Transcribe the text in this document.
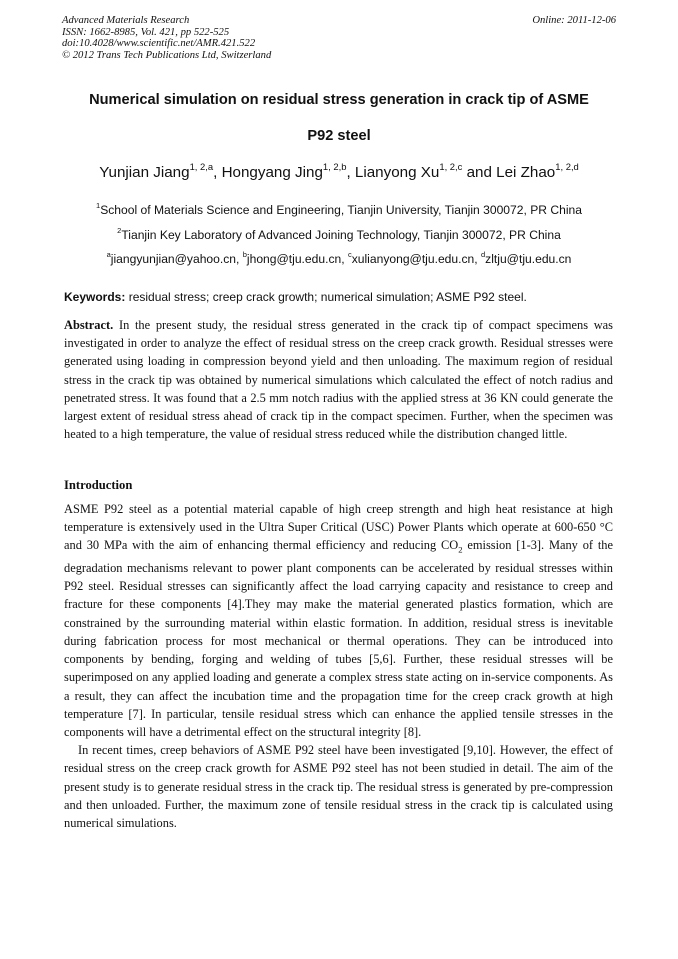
Advanced Materials Research
ISSN: 1662-8985, Vol. 421, pp 522-525
doi:10.4028/www.scientific.net/AMR.421.522
© 2012 Trans Tech Publications Ltd, Switzerland
Online: 2011-12-06
Numerical simulation on residual stress generation in crack tip of ASME
P92 steel
Yunjian Jiang$^{1, 2,a}$, Hongyang Jing$^{1, 2,b}$, Lianyong Xu$^{1, 2,c}$ and Lei Zhao$^{1, 2,d}$
$^1$School of Materials Science and Engineering, Tianjin University, Tianjin 300072, PR China
$^2$Tianjin Key Laboratory of Advanced Joining Technology, Tianjin 300072, PR China
$^a$jiangyunjian@yahoo.cn, $^b$jhong@tju.edu.cn, $^c$xulianyong@tju.edu.cn, $^d$zltju@tju.edu.cn
Keywords: residual stress; creep crack growth; numerical simulation; ASME P92 steel.
Abstract. In the present study, the residual stress generated in the crack tip of compact specimens was investigated in order to analyze the effect of residual stress on the creep crack growth. Residual stresses were generated using loading in compression beyond yield and then unloading. The maximum region of residual stress in the crack tip was obtained by numerical simulations which calculated the effect of notch radius and penetrated stress. It was found that a 2.5 mm notch radius with the applied stress at 36 KN could generate the largest extent of residual stress ahead of crack tip in the compact specimen. Further, when the specimen was heated to a high temperature, the value of residual stress reduced while the distribution changed little.
Introduction
ASME P92 steel as a potential material capable of high creep strength and high heat resistance at high temperature is extensively used in the Ultra Super Critical (USC) Power Plants which operate at 600-650 °C and 30 MPa with the aim of enhancing thermal efficiency and reducing $CO_2$ emission [1-3]. Many of the degradation mechanisms relevant to power plant components can be accelerated by residual stresses within P92 steel. Residual stresses can significantly affect the load carrying capacity and resistance to creep and fracture for these components [4].They may make the material generated plastics formation, which are constrained by the surrounding material within elastic formation. In addition, residual stress is inevitable during fabrication process for most mechanical or thermal operations. They can be introduced into components by bending, forging and welding of tubes [5,6]. Further, these residual stresses will be superimposed on any applied loading and generate a complex stress state acting on in-service components. As a result, they can affect the incubation time and the propagation time for the creep crack growth at high temperature [7]. In particular, tensile residual stress which can enhance the applied tensile stresses in the components will have a detrimental effect on the structural integrity [8].
In recent times, creep behaviors of ASME P92 steel have been investigated [9,10]. However, the effect of residual stress on the creep crack growth for ASME P92 steel has not been studied in detail. The aim of the present study is to generate residual stress in the crack tip. The residual stress is generated by pre-compression and then unloaded. Further, the maximum zone of tensile residual stress in the crack tip is calculated using numerical simulations.
